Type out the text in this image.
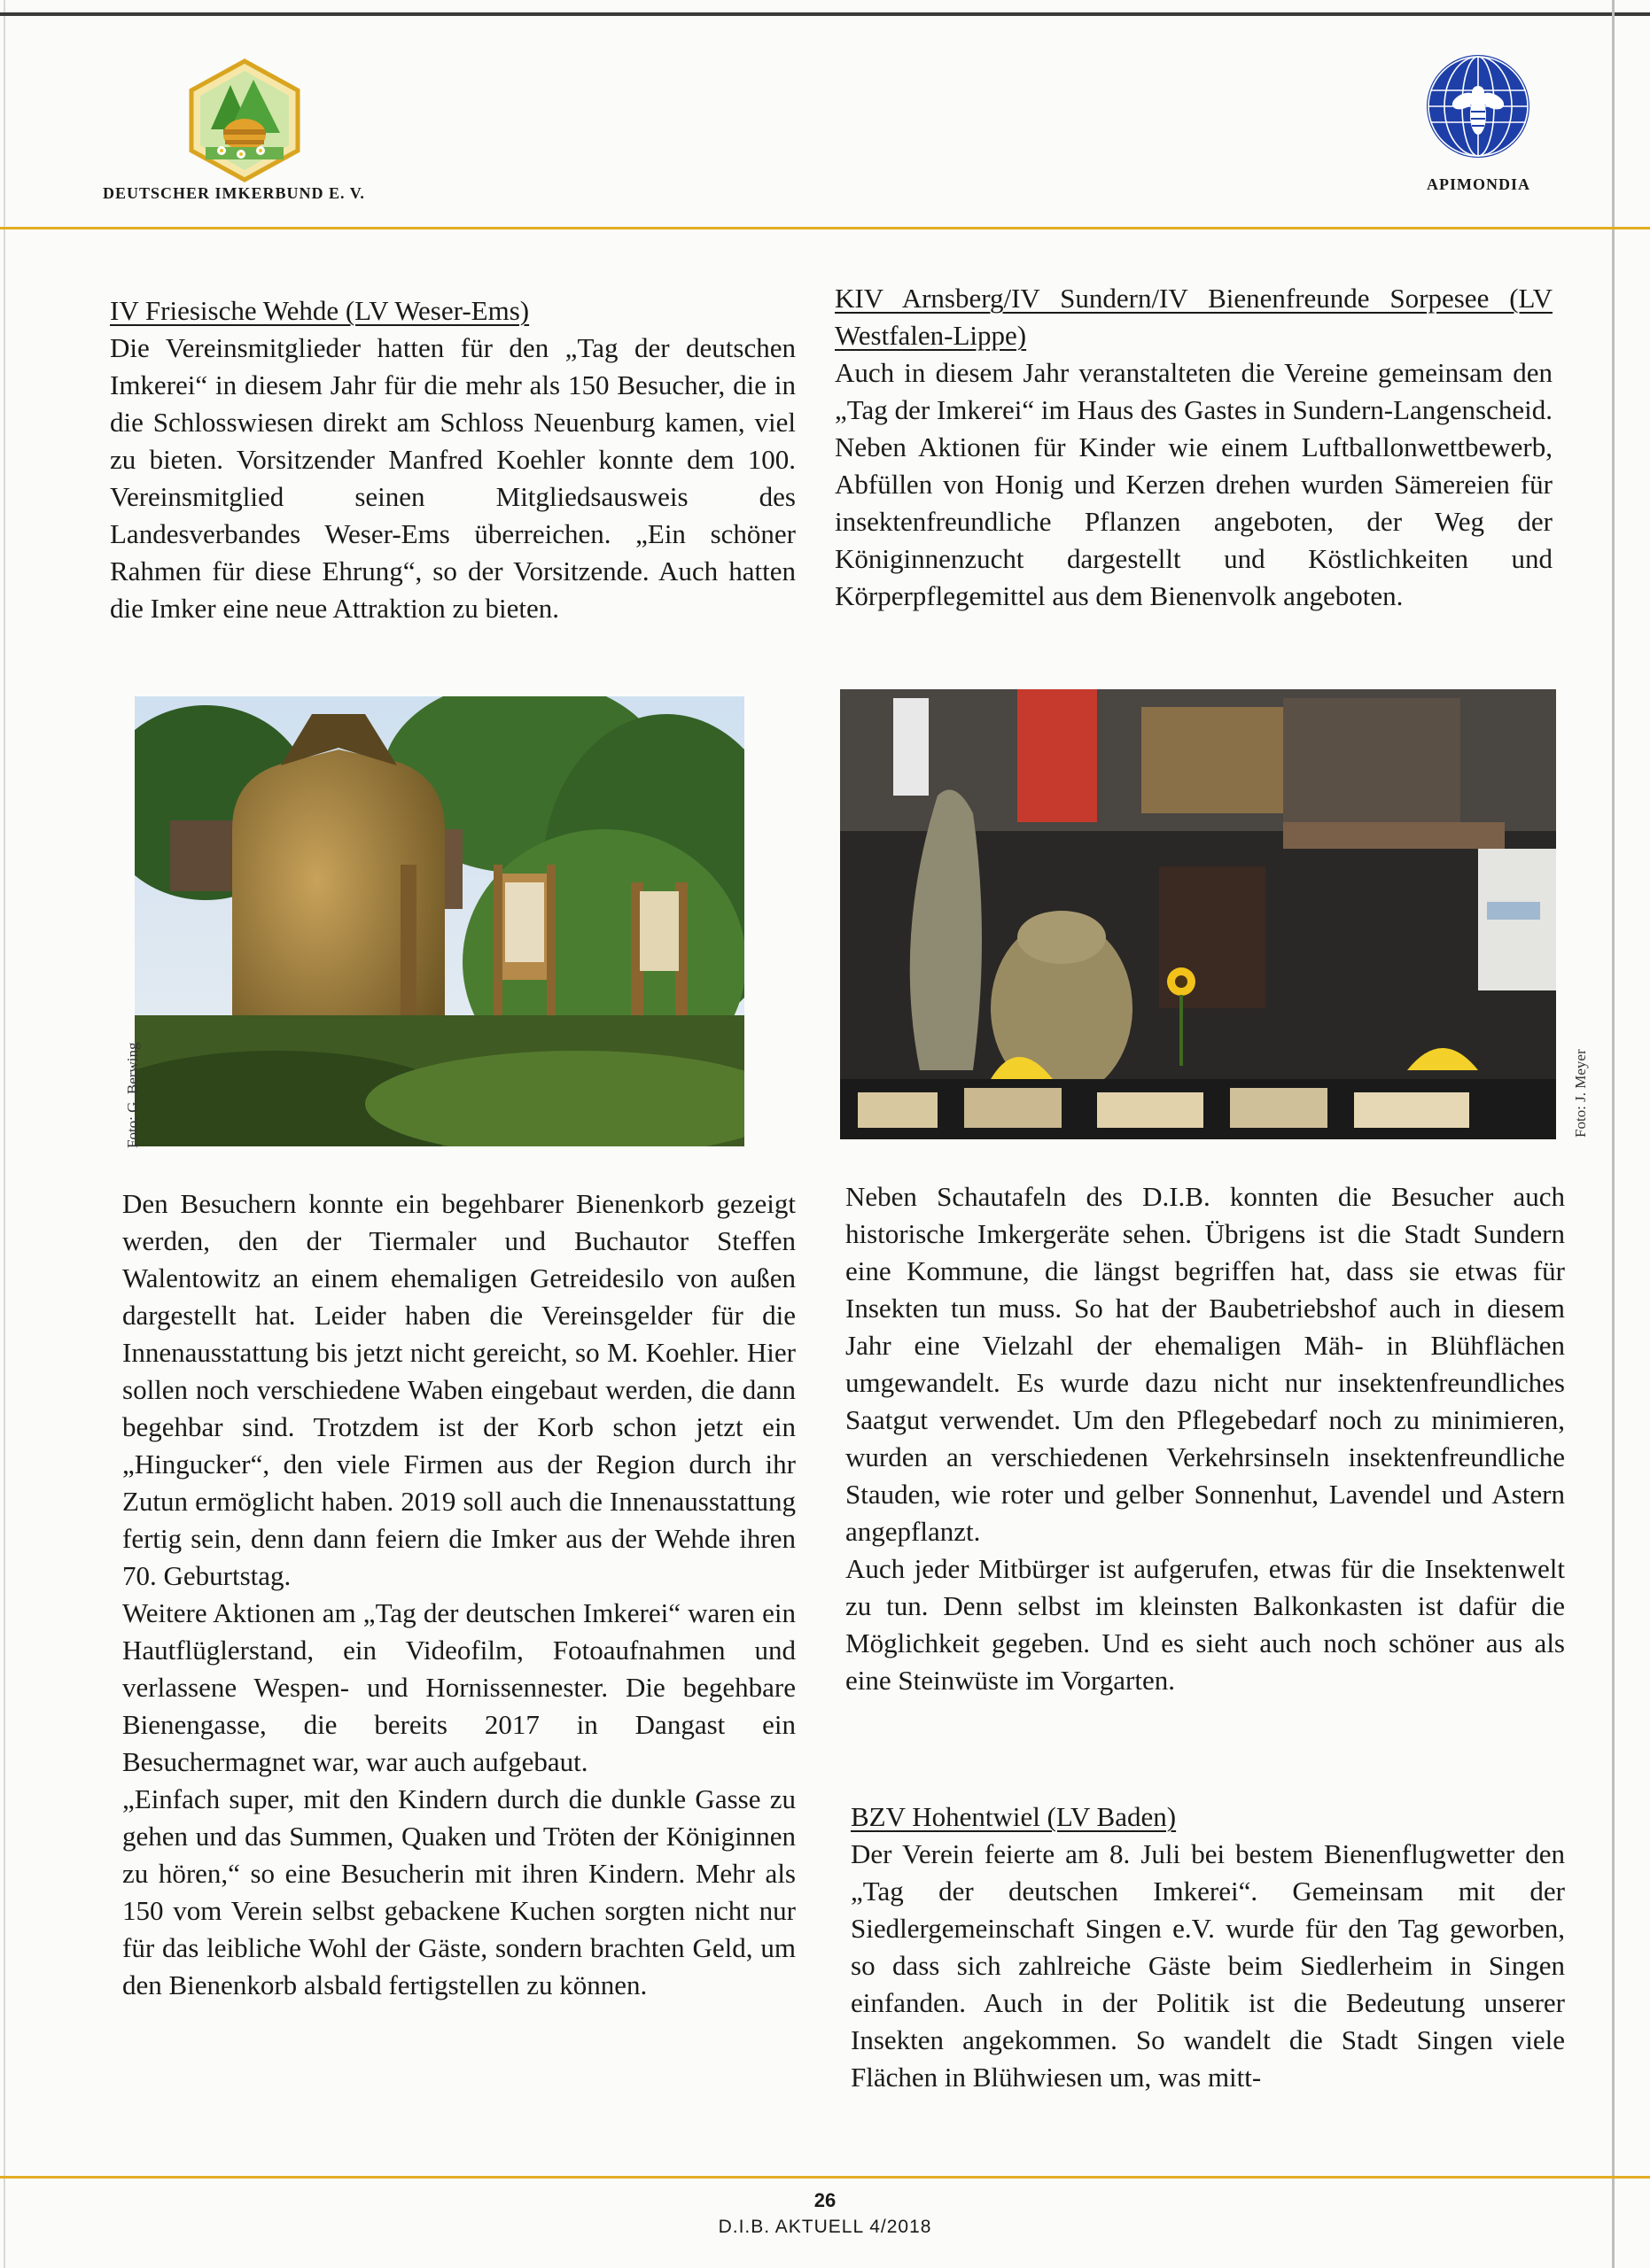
DEUTSCHER IMKERBUND E. V.	APIMONDIA

IV Friesische Wehde (LV Weser-Ems)

Die Vereinsmitglieder hatten für den „Tag der deutschen Imkerei“ in diesem Jahr für die mehr als 150 Besucher, die in die Schlosswiesen direkt am Schloss Neuenburg kamen, viel zu bieten. Vorsitzender Manfred Koehler konnte dem 100. Vereinsmitglied seinen Mitgliedsausweis des Landesverbandes Weser-Ems überreichen. „Ein schöner Rahmen für diese Ehrung“, so der Vorsitzende. Auch hatten die Imker eine neue Attraktion zu bieten.

Foto: G. Berwing

Den Besuchern konnte ein begehbarer Bienenkorb gezeigt werden, den der Tiermaler und Buchautor Steffen Walentowitz an einem ehemaligen Getreidesilo von außen dargestellt hat. Leider haben die Vereinsgelder für die Innenausstattung bis jetzt nicht gereicht, so M. Koehler. Hier sollen noch verschiedene Waben eingebaut werden, die dann begehbar sind. Trotzdem ist der Korb schon jetzt ein „Hingucker“, den viele Firmen aus der Region durch ihr Zutun ermöglicht haben. 2019 soll auch die Innenausstattung fertig sein, denn dann feiern die Imker aus der Wehde ihren 70. Geburtstag.

Weitere Aktionen am „Tag der deutschen Imkerei“ waren ein Hautflüglerstand, ein Videofilm, Fotoaufnahmen und verlassene Wespen- und Hornissennester. Die begehbare Bienengasse, die bereits 2017 in Dangast ein Besuchermagnet war, war auch aufgebaut.

„Einfach super, mit den Kindern durch die dunkle Gasse zu gehen und das Summen, Quaken und Tröten der Königinnen zu hören,“ so eine Besucherin mit ihren Kindern. Mehr als 150 vom Verein selbst gebackene Kuchen sorgten nicht nur für das leibliche Wohl der Gäste, sondern brachten Geld, um den Bienenkorb alsbald fertigstellen zu können.

KIV Arnsberg/IV Sundern/IV Bienenfreunde Sorpesee (LV Westfalen-Lippe)

Auch in diesem Jahr veranstalteten die Vereine gemeinsam den „Tag der Imkerei“ im Haus des Gastes in Sundern-Langenscheid. Neben Aktionen für Kinder wie einem Luftballonwettbewerb, Abfüllen von Honig und Kerzen drehen wurden Sämereien für insektenfreundliche Pflanzen angeboten, der Weg der Königinnenzucht dargestellt und Köstlichkeiten und Körperpflegemittel aus dem Bienenvolk angeboten.

Foto: J. Meyer

Neben Schautafeln des D.I.B. konnten die Besucher auch historische Imkergeräte sehen. Übrigens ist die Stadt Sundern eine Kommune, die längst begriffen hat, dass sie etwas für Insekten tun muss. So hat der Baubetriebshof auch in diesem Jahr eine Vielzahl der ehemaligen Mäh- in Blühflächen umgewandelt. Es wurde dazu nicht nur insektenfreundliches Saatgut verwendet. Um den Pflegebedarf noch zu minimieren, wurden an verschiedenen Verkehrsinseln insektenfreundliche Stauden, wie roter und gelber Sonnenhut, Lavendel und Astern angepflanzt.

Auch jeder Mitbürger ist aufgerufen, etwas für die Insektenwelt zu tun. Denn selbst im kleinsten Balkonkasten ist dafür die Möglichkeit gegeben. Und es sieht auch noch schöner aus als eine Steinwüste im Vorgarten.

BZV Hohentwiel (LV Baden)

Der Verein feierte am 8. Juli bei bestem Bienenflugwetter den „Tag der deutschen Imkerei“. Gemeinsam mit der Siedlergemeinschaft Singen e.V. wurde für den Tag geworben, so dass sich zahlreiche Gäste beim Siedlerheim in Singen einfanden. Auch in der Politik ist die Bedeutung unserer Insekten angekommen. So wandelt die Stadt Singen viele Flächen in Blühwiesen um, was mitt-

26
D.I.B. AKTUELL 4/2018
